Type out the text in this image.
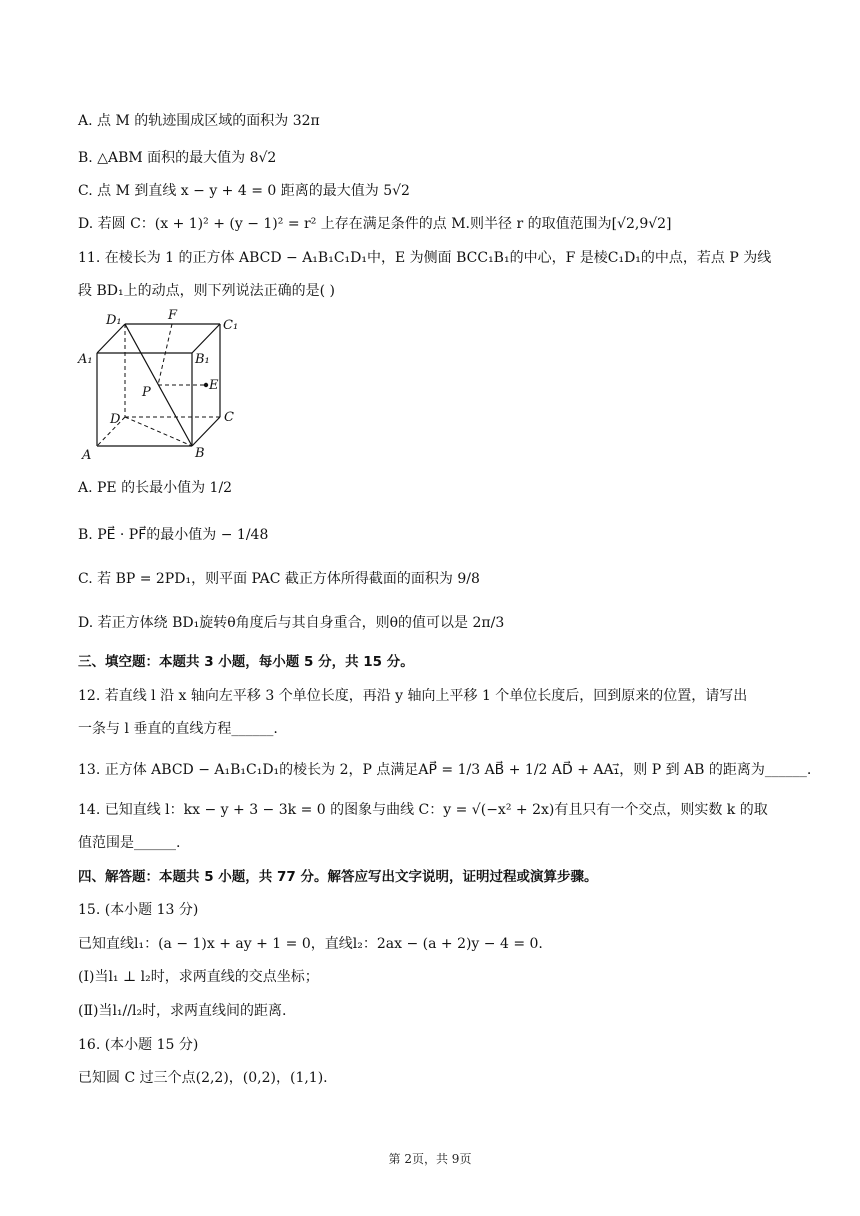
A. 点 M 的轨迹围成区域的面积为 32π
B. △ABM 面积的最大值为 8√2
C. 点 M 到直线 x − y + 4 = 0 距离的最大值为 5√2
D. 若圆 C：(x + 1)² + (y − 1)² = r² 上存在满足条件的点 M.则半径 r 的取值范围为[√2,9√2]
11. 在棱长为 1 的正方体 ABCD − A₁B₁C₁D₁中，E 为侧面 BCC₁B₁的中心，F 是棱C₁D₁的中点，若点 P 为线
段 BD₁上的动点，则下列说法正确的是( )
D₁	F
C₁
A₁	B₁
P	E
D	C
A	B
A. PE 的长最小值为 1/2
B. PE⃗ · PF⃗的最小值为 − 1/48
C. 若 BP = 2PD₁，则平面 PAC 截正方体所得截面的面积为 9/8
D. 若正方体绕 BD₁旋转θ角度后与其自身重合，则θ的值可以是 2π/3
三、填空题：本题共 3 小题，每小题 5 分，共 15 分。
12. 若直线 l 沿 x 轴向左平移 3 个单位长度，再沿 y 轴向上平移 1 个单位长度后，回到原来的位置，请写出
一条与 l 垂直的直线方程______.
13. 正方体 ABCD − A₁B₁C₁D₁的棱长为 2，P 点满足AP⃗ = 1/3 AB⃗ + 1/2 AD⃗ + AA₁⃗，则 P 到 AB 的距离为______.
14. 已知直线 l：kx − y + 3 − 3k = 0 的图象与曲线 C：y = √(−x² + 2x)有且只有一个交点，则实数 k 的取
值范围是______.
四、解答题：本题共 5 小题，共 77 分。解答应写出文字说明，证明过程或演算步骤。
15. (本小题 13 分)
已知直线l₁：(a − 1)x + ay + 1 = 0，直线l₂：2ax − (a + 2)y − 4 = 0.
(Ⅰ)当l₁ ⊥ l₂时，求两直线的交点坐标；
(Ⅱ)当l₁//l₂时，求两直线间的距离.
16. (本小题 15 分)
已知圆 C 过三个点(2,2)，(0,2)，(1,1).
第 2页，共 9页
